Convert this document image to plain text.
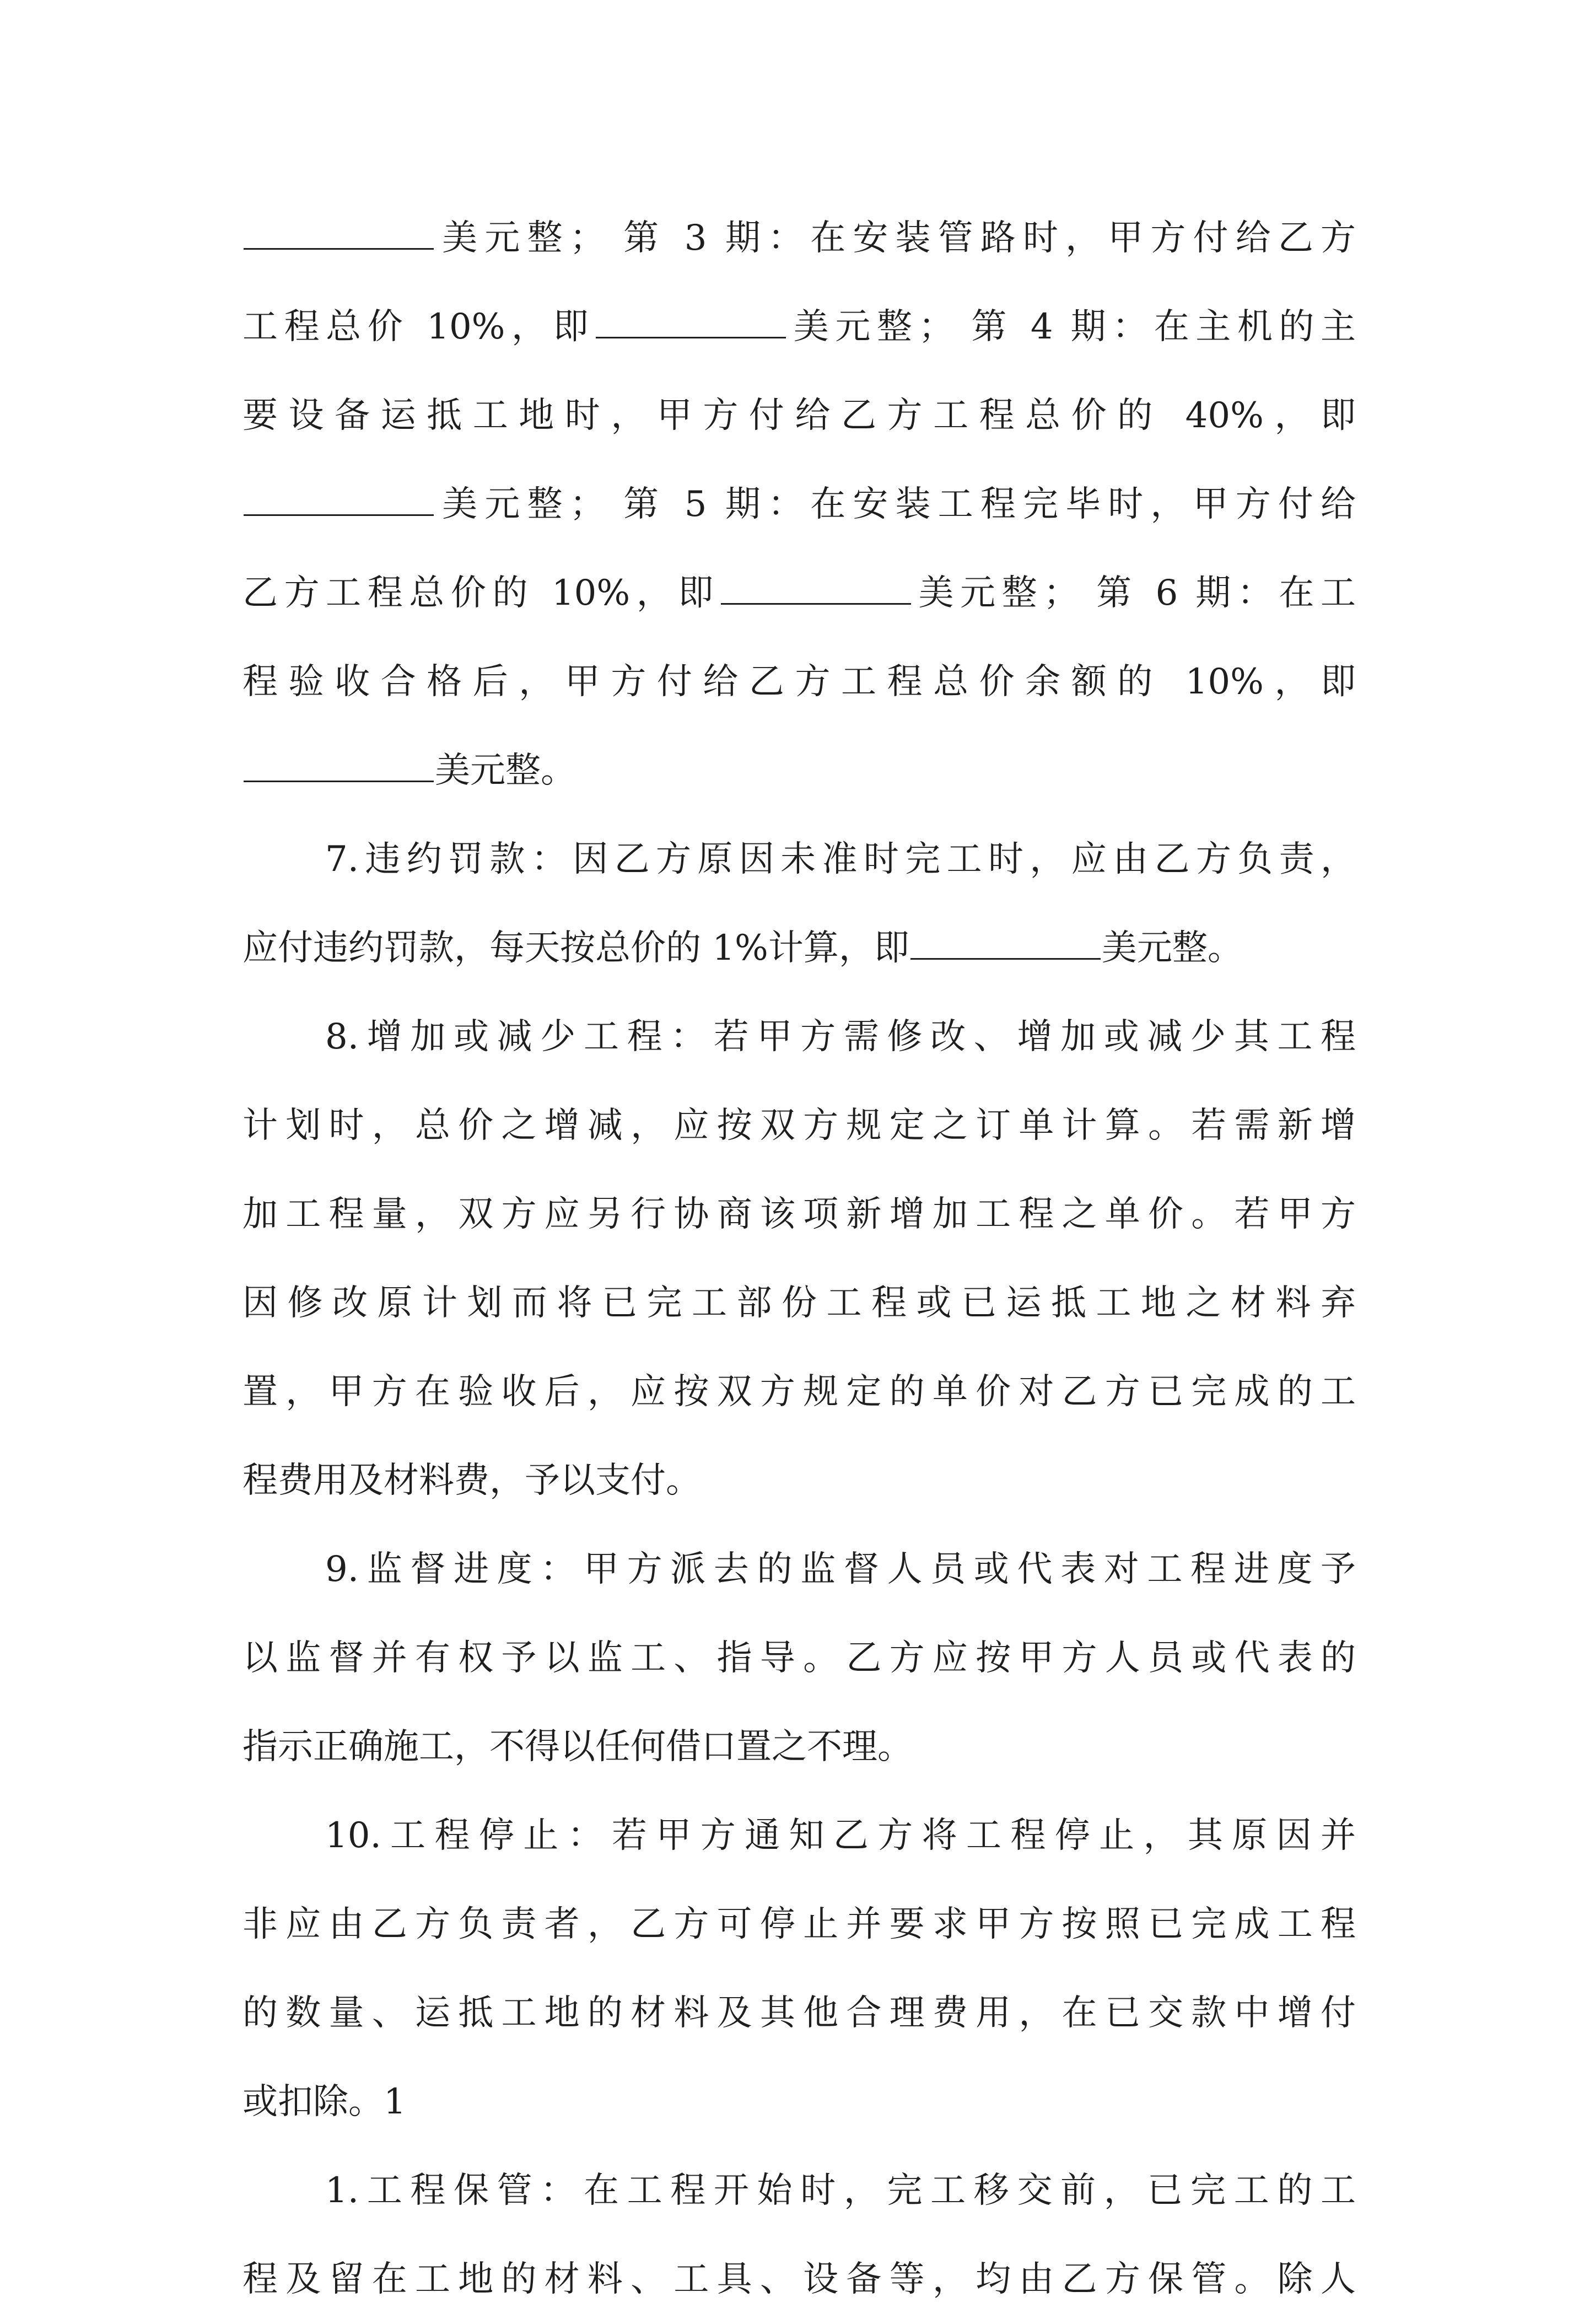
美元整； 第 3 期：在安装管路时，甲方付给乙方

工程总价 10%，即	美元整； 第 4 期：在主机的主

要设备运抵工地时，甲方付给乙方工程总价的 40%，即

美元整； 第 5 期：在安装工程完毕时，甲方付给

乙方工程总价的 10%，即	美元整； 第 6 期：在工

程验收合格后，甲方付给乙方工程总价余额的 10%，即

美元整。

7.违约罚款：因乙方原因未准时完工时，应由乙方负责，

应付违约罚款，每天按总价的 1%计算，即	美元整。

8.增加或减少工程：若甲方需修改、增加或减少其工程

计划时，总价之增减，应按双方规定之订单计算。若需新增

加工程量，双方应另行协商该项新增加工程之单价。若甲方

因修改原计划而将已完工部份工程或已运抵工地之材料弃

置，甲方在验收后，应按双方规定的单价对乙方已完成的工

程费用及材料费，予以支付。

9.监督进度：甲方派去的监督人员或代表对工程进度予

以监督并有权予以监工、指导。乙方应按甲方人员或代表的

指示正确施工，不得以任何借口置之不理。

10.工程停止：若甲方通知乙方将工程停止，其原因并

非应由乙方负责者，乙方可停止并要求甲方按照已完成工程

的数量、运抵工地的材料及其他合理费用，在已交款中增付

或扣除。1

1.工程保管：在工程开始时，完工移交前，已完工的工

程及留在工地的材料、工具、设备等，均由乙方保管。除人
